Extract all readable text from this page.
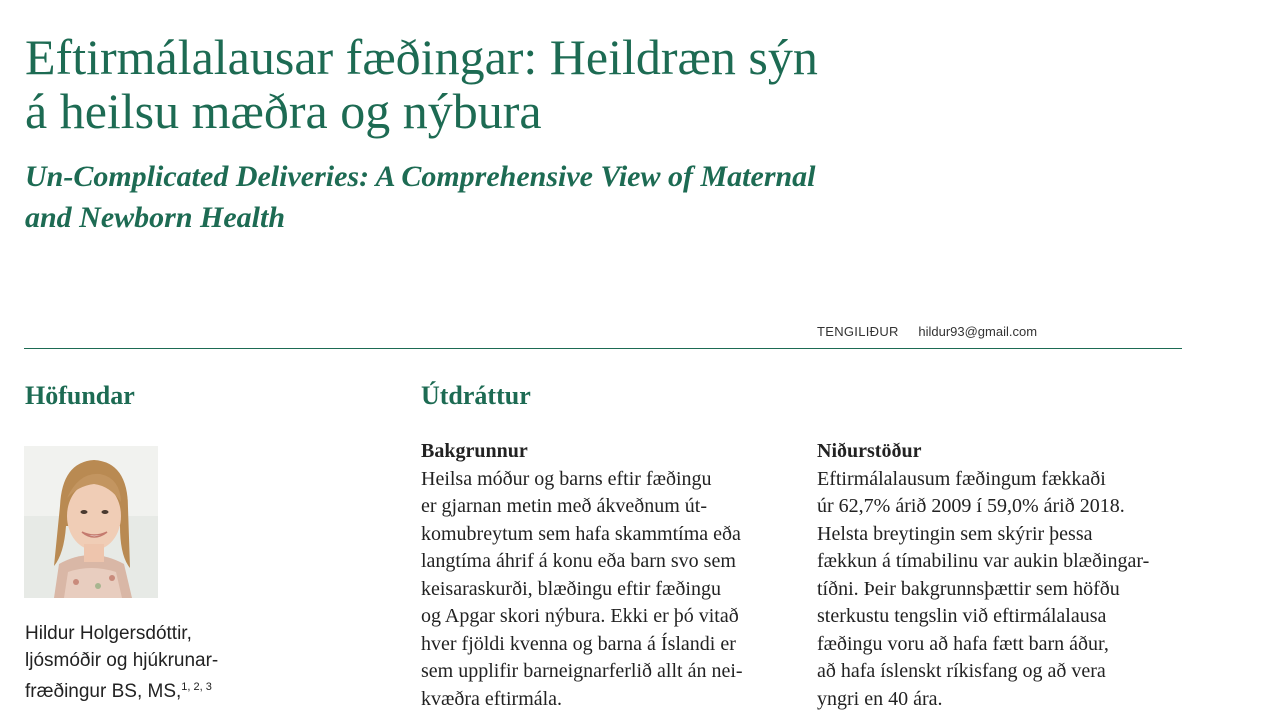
Eftirmálalausar fæðingar: Heildræn sýn á heilsu mæðra og nýbura
Un-Complicated Deliveries: A Comprehensive View of Maternal and Newborn Health
TENGILIÐUR hildur93@gmail.com
Höfundar	Útdráttur
Hildur Holgersdóttir,
ljósmóðir og hjúkrunar-
fræðingur BS, MS,$^{1, 2, 3}$
Bakgrunnur

Heilsa móður og barns eftir fæðingu
er gjarnan metin með ákveðnum út-
komubreytum sem hafa skammtíma eða
langtíma áhrif á konu eða barn svo sem
keisaraskurði, blæðingu eftir fæðingu
og Apgar skori nýbura. Ekki er þó vitað
hver fjöldi kvenna og barna á Íslandi er
sem upplifir barneignarferlið allt án nei-
kvæðra eftirmála.

Niðurstöður

Eftirmálalausum fæðingum fækkaði
úr 62,7% árið 2009 í 59,0% árið 2018.
Helsta breytingin sem skýrir þessa
fækkun á tímabilinu var aukin blæðingar-
tíðni. Þeir bakgrunnsþættir sem höfðu
sterkustu tengslin við eftirmálalausa
fæðingu voru að hafa fætt barn áður,
að hafa íslenskt ríkisfang og að vera
yngri en 40 ára.
